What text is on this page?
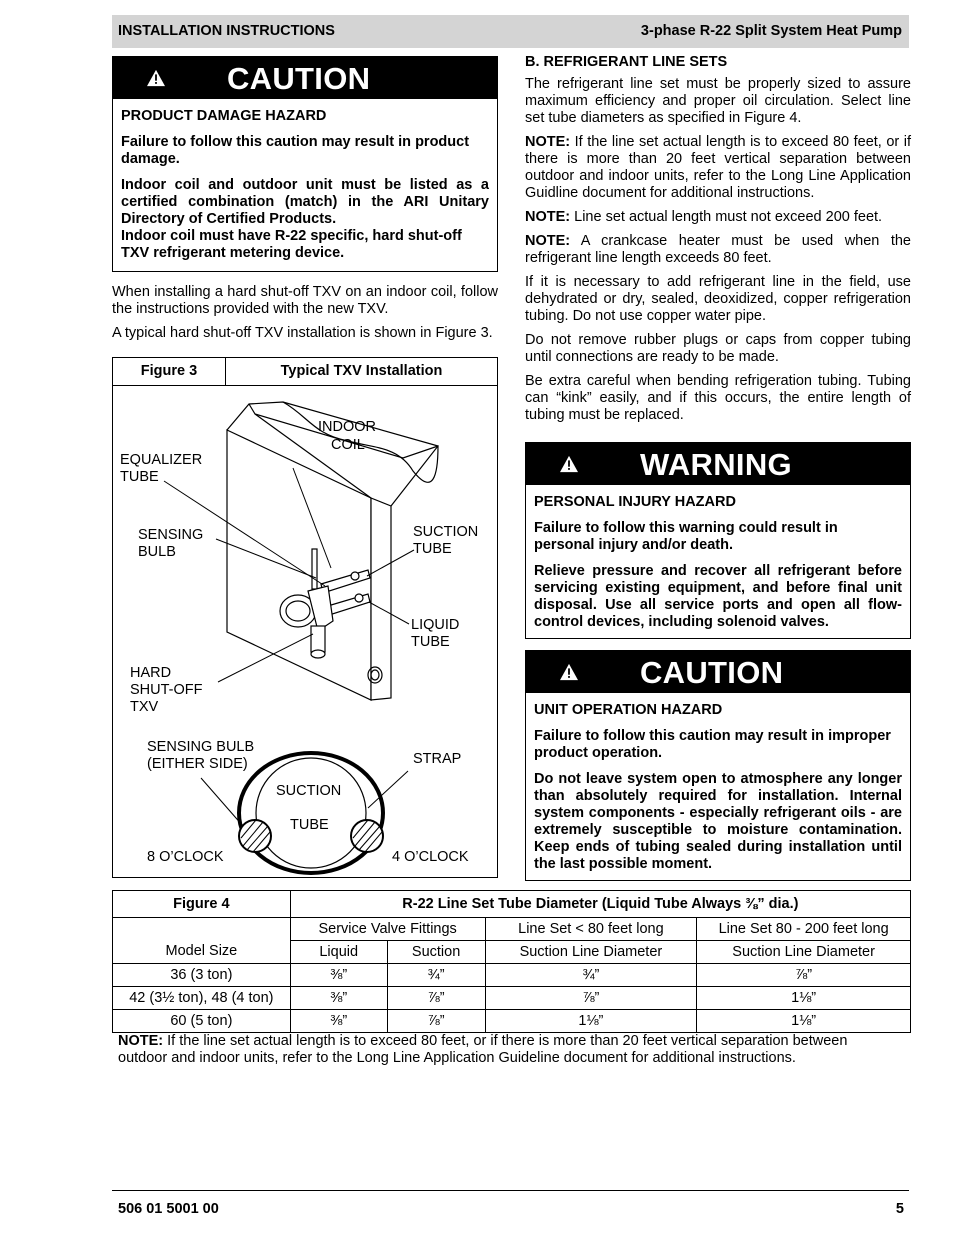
INSTALLATION INSTRUCTIONS	3-phase R-22 Split System Heat Pump
CAUTION

PRODUCT DAMAGE HAZARD

Failure to follow this caution may result in product damage.

Indoor coil and outdoor unit must be listed as a certified combination (match) in the ARI Unitary Directory of Certified Products.

Indoor coil must have R-22 specific, hard shut-off TXV refrigerant metering device.

When installing a hard shut-off TXV on an indoor coil, follow the instructions provided with the new TXV.

A typical hard shut-off TXV installation is shown in Figure 3.

Figure 3	Typical TXV Installation
INDOOR
COIL
EQUALIZER
TUBE
SENSING
BULB
SUCTION
TUBE
LIQUID
TUBE
HARD
SHUT-OFF
TXV
SENSING BULB
(EITHER SIDE)	STRAP
SUCTION
TUBE
8 O’CLOCK	4 O’CLOCK

B. REFRIGERANT LINE SETS

The refrigerant line set must be properly sized to assure maximum efficiency and proper oil circulation. Select line set tube diameters as specified in Figure 4.

NOTE: If the line set actual length is to exceed 80 feet, or if there is more than 20 feet vertical separation between outdoor and indoor units, refer to the Long Line Application Guidline document for additional instructions.

NOTE: Line set actual length must not exceed 200 feet.

NOTE: A crankcase heater must be used when the refrigerant line length exceeds 80 feet.

If it is necessary to add refrigerant line in the field, use dehydrated or dry, sealed, deoxidized, copper refrigeration tubing. Do not use copper water pipe.

Do not remove rubber plugs or caps from copper tubing until connections are ready to be made.

Be extra careful when bending refrigeration tubing. Tubing can “kink” easily, and if this occurs, the entire length of tubing must be replaced.

WARNING

PERSONAL INJURY HAZARD

Failure to follow this warning could result in personal injury and/or death.

Relieve pressure and recover all refrigerant before servicing existing equipment, and before final unit disposal. Use all service ports and open all flow-control devices, including solenoid valves.

CAUTION

UNIT OPERATION HAZARD

Failure to follow this caution may result in improper product operation.

Do not leave system open to atmosphere any longer than absolutely required for installation. Internal system components - especially refrigerant oils - are extremely susceptible to moisture contamination. Keep ends of tubing sealed during installation until the last possible moment.

Figure 4	R-22 Line Set Tube Diameter (Liquid Tube Always ⅜” dia.)			
	Service Valve Fittings		Line Set < 80 feet long	Line Set 80 - 200 feet long
Model Size	Liquid	Suction	Suction Line Diameter	Suction Line Diameter
36 (3 ton)	⅜”	¾”	¾”	⅞”
42 (3½ ton), 48 (4 ton)	⅜”	⅞”	⅞”	1⅛”
60 (5 ton)	⅜”	⅞”	1⅛”	1⅛”

NOTE: If the line set actual length is to exceed 80 feet, or if there is more than 20 feet vertical separation between outdoor and indoor units, refer to the Long Line Application Guideline document for additional instructions.

506 01 5001 00	5
